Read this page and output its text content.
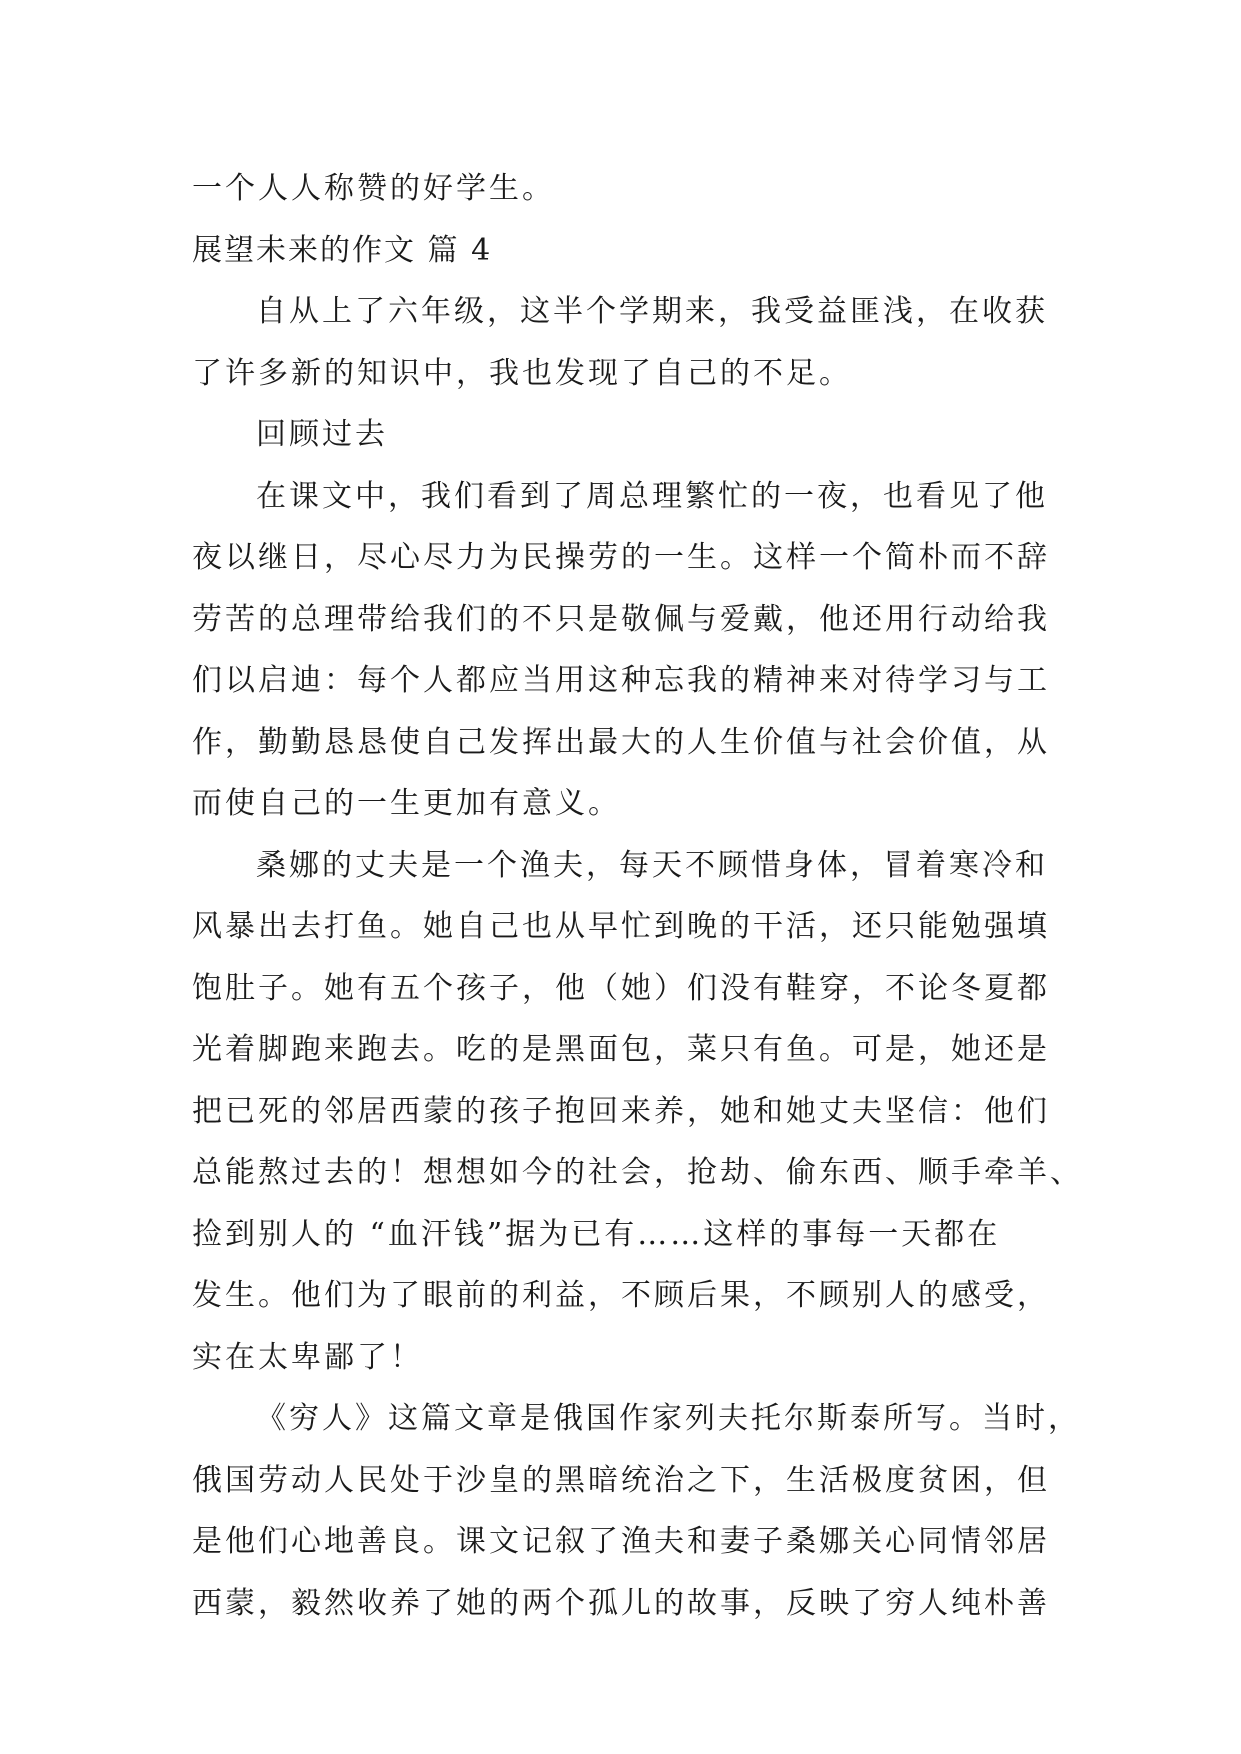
一个人人称赞的好学生。
展望未来的作文 篇 4
自从上了六年级，这半个学期来，我受益匪浅，在收获
了许多新的知识中，我也发现了自己的不足。
回顾过去
在课文中，我们看到了周总理繁忙的一夜，也看见了他
夜以继日，尽心尽力为民操劳的一生。这样一个简朴而不辞
劳苦的总理带给我们的不只是敬佩与爱戴，他还用行动给我
们以启迪：每个人都应当用这种忘我的精神来对待学习与工
作，勤勤恳恳使自己发挥出最大的人生价值与社会价值，从
而使自己的一生更加有意义。
桑娜的丈夫是一个渔夫，每天不顾惜身体，冒着寒冷和
风暴出去打鱼。她自己也从早忙到晚的干活，还只能勉强填
饱肚子。她有五个孩子，他（她）们没有鞋穿，不论冬夏都
光着脚跑来跑去。吃的是黑面包，菜只有鱼。可是，她还是
把已死的邻居西蒙的孩子抱回来养，她和她丈夫坚信：他们
总能熬过去的！想想如今的社会，抢劫、偷东西、顺手牵羊、
捡到别人的 “血汗钱”据为已有……这样的事每一天都在
发生。他们为了眼前的利益，不顾后果，不顾别人的感受，
实在太卑鄙了！
《穷人》这篇文章是俄国作家列夫托尔斯泰所写。当时，
俄国劳动人民处于沙皇的黑暗统治之下，生活极度贫困，但
是他们心地善良。课文记叙了渔夫和妻子桑娜关心同情邻居
西蒙，毅然收养了她的两个孤儿的故事，反映了穷人纯朴善
